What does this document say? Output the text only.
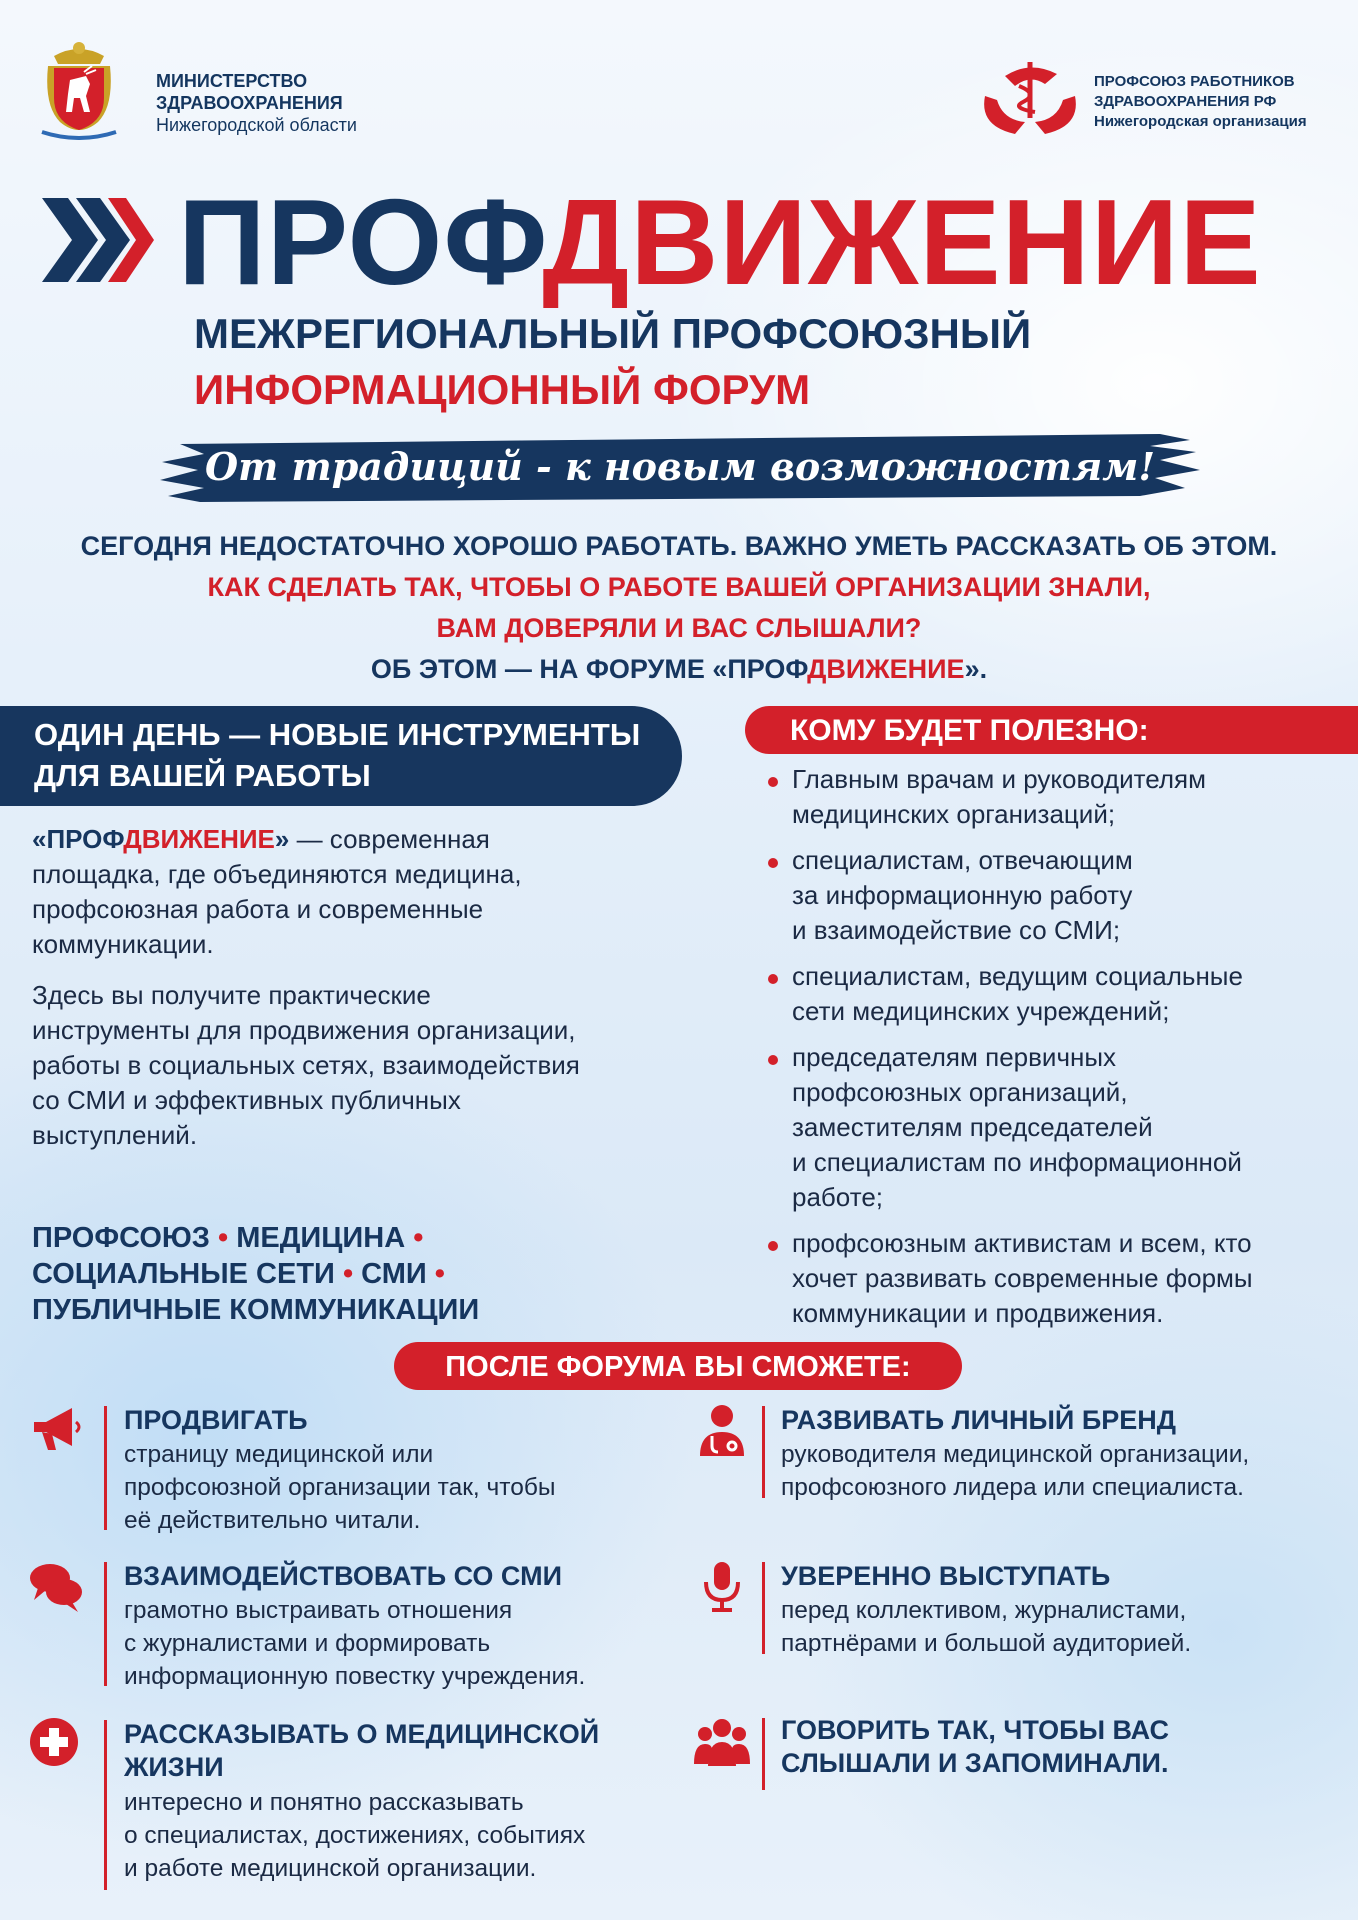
МИНИСТЕРСТВО
ЗДРАВООХРАНЕНИЯ
Нижегородской области
ПРОФСОЮЗ РАБОТНИКОВ
ЗДРАВООХРАНЕНИЯ РФ
Нижегородская организация
ПРОФДВИЖЕНИЕ
МЕЖРЕГИОНАЛЬНЫЙ ПРОФСОЮЗНЫЙ
ИНФОРМАЦИОННЫЙ ФОРУМ
От традиций - к новым возможностям!
СЕГОДНЯ НЕДОСТАТОЧНО ХОРОШО РАБОТАТЬ. ВАЖНО УМЕТЬ РАССКАЗАТЬ ОБ ЭТОМ.
КАК СДЕЛАТЬ ТАК, ЧТОБЫ О РАБОТЕ ВАШЕЙ ОРГАНИЗАЦИИ ЗНАЛИ,
ВАМ ДОВЕРЯЛИ И ВАС СЛЫШАЛИ?
ОБ ЭТОМ — НА ФОРУМЕ «ПРОФДВИЖЕНИЕ».
ОДИН ДЕНЬ — НОВЫЕ ИНСТРУМЕНТЫ
ДЛЯ ВАШЕЙ РАБОТЫ
«ПРОФДВИЖЕНИЕ» — современная
площадка, где объединяются медицина,
профсоюзная работа и современные
коммуникации.
Здесь вы получите практические
инструменты для продвижения организации,
работы в социальных сетях, взаимодействия
со СМИ и эффективных публичных
выступлений.
ПРОФСОЮЗ • МЕДИЦИНА •
СОЦИАЛЬНЫЕ СЕТИ • СМИ •
ПУБЛИЧНЫЕ КОММУНИКАЦИИ
КОМУ БУДЕТ ПОЛЕЗНО:
Главным врачам и руководителям
медицинских организаций;
специалистам, отвечающим
за информационную работу
и взаимодействие со СМИ;
специалистам, ведущим социальные
сети медицинских учреждений;
председателям первичных
профсоюзных организаций,
заместителям председателей
и специалистам по информационной
работе;
профсоюзным активистам и всем, кто
хочет развивать современные формы
коммуникации и продвижения.
ПОСЛЕ ФОРУМА ВЫ СМОЖЕТЕ:
ПРОДВИГАТЬ
страницу медицинской или
профсоюзной организации так, чтобы
её действительно читали.
РАЗВИВАТЬ ЛИЧНЫЙ БРЕНД
руководителя медицинской организации,
профсоюзного лидера или специалиста.
ВЗАИМОДЕЙСТВОВАТЬ СО СМИ
грамотно выстраивать отношения
с журналистами и формировать
информационную повестку учреждения.
УВЕРЕННО ВЫСТУПАТЬ
перед коллективом, журналистами,
партнёрами и большой аудиторией.
РАССКАЗЫВАТЬ О МЕДИЦИНСКОЙ
ЖИЗНИ
интересно и понятно рассказывать
о специалистах, достижениях, событиях
и работе медицинской организации.
ГОВОРИТЬ ТАК, ЧТОБЫ ВАС
СЛЫШАЛИ И ЗАПОМИНАЛИ.
